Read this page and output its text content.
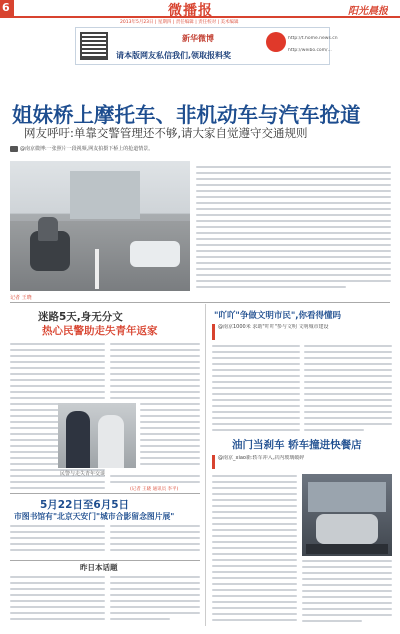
6	微播报	阳光晨报
2013年5月23日 | 星期四 | 责任编辑 | 责任校对 | 美术编辑
新华微博
请本版网友私信我们,领取报料奖
http://t.home.news.cn
http://weibo.com/...
姐妹桥上摩托车、非机动车与汽车抢道
网友呼吁:单靠交警管理还不够,请大家自觉遵守交通规则
@南京微博:一张照片一段视频,网友拍摄下桥上的抢道情景。
记者 王晓
迷路5天,身无分文
热心民警助走失青年返家
民警与走失青年交谈
(记者 王晓 通讯员 李平)
"吖吖"争做文明市民",你看得懂吗
@南京1000米 求助"吖吖"参与文明 文明城市建设
油门当刹车 轿车撞进快餐店
@南京_xiao新:轿车冲入,店内玻璃破碎
5月22日至6月5日
市图书馆有"北京天安门"城市合影留念图片展"
昨日本话题
